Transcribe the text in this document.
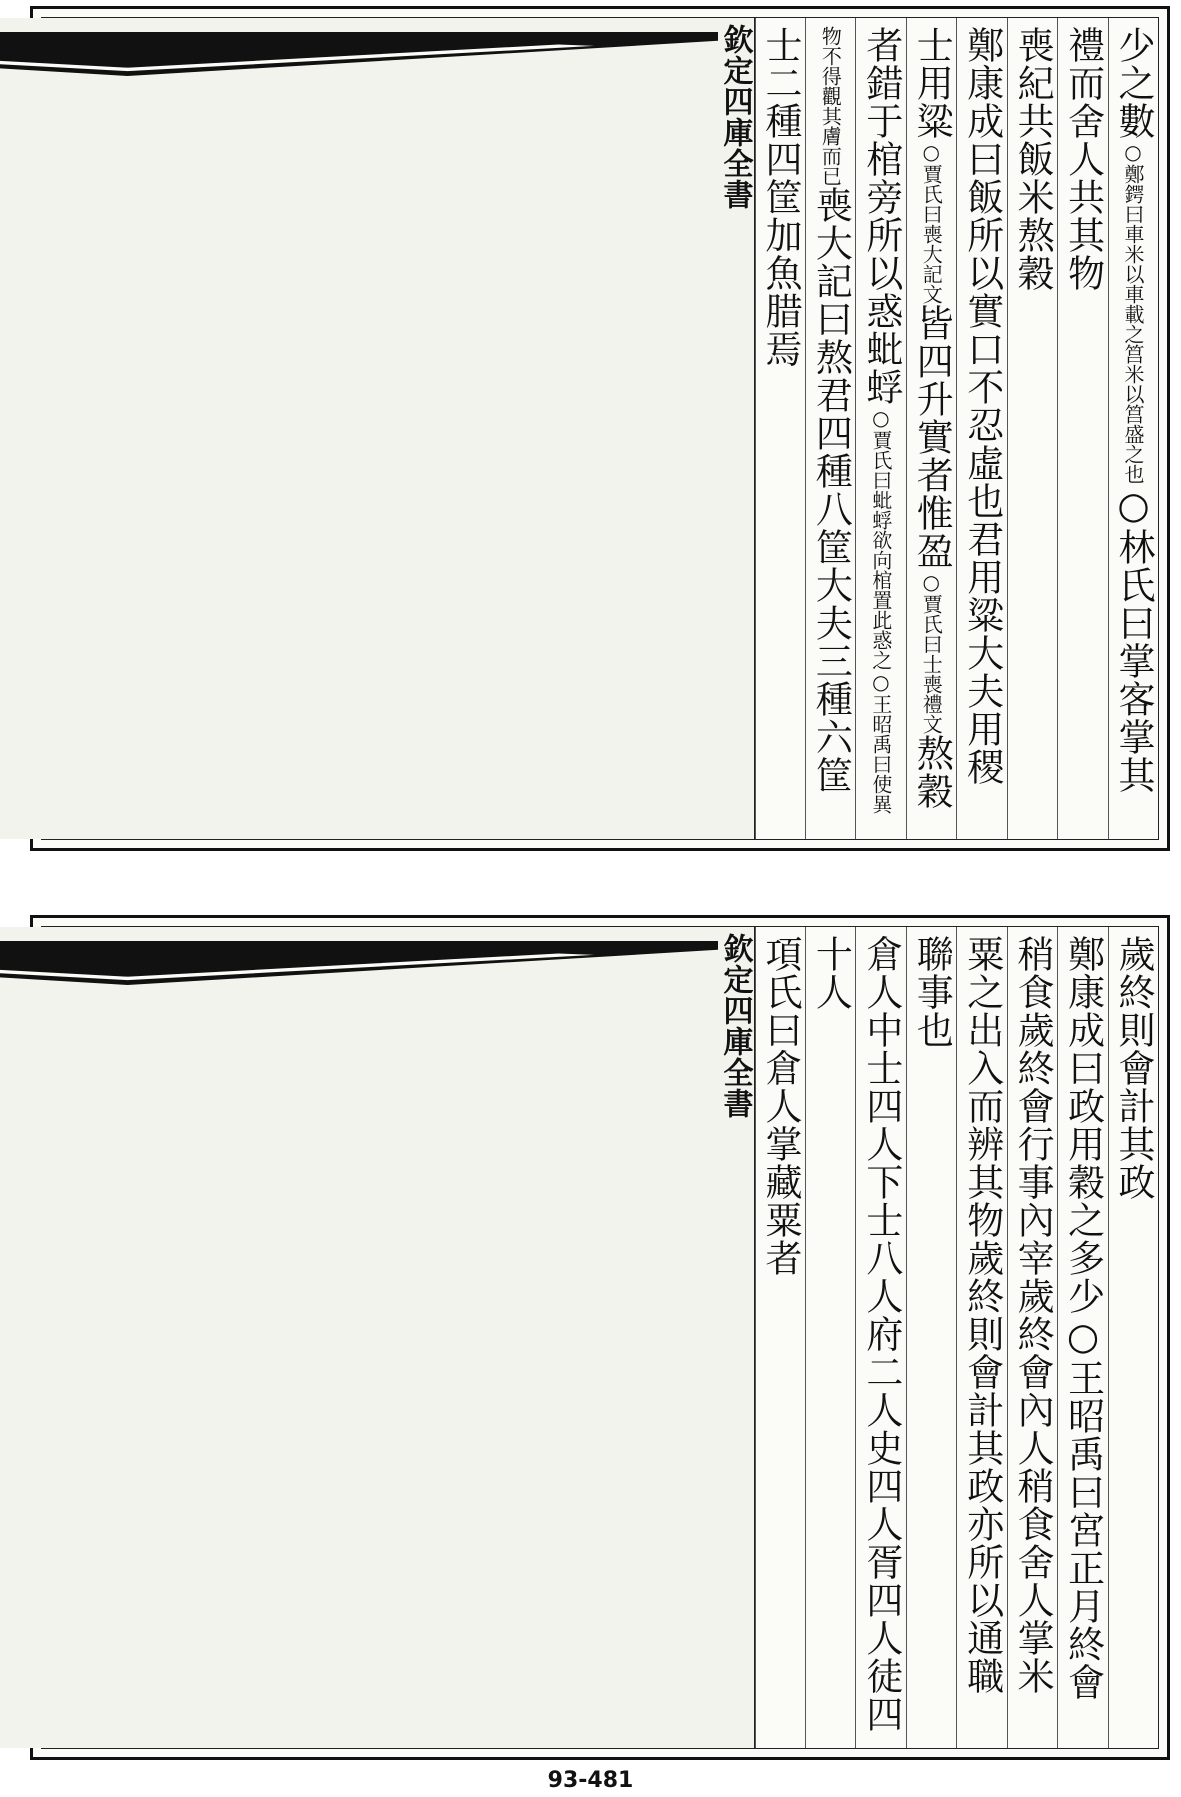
少之數○鄭鍔曰車米以車載之筥米以筥盛之也○林氏曰掌客掌其
禮而舍人共其物
喪紀共飯米熬穀
鄭康成曰飯所以實口不忍虛也君用粱大夫用稷
士用粱○賈氏曰喪大記文皆四升實者惟盈○賈氏曰士喪禮文熬穀
者錯于棺旁所以惑蚍蜉○賈氏曰蚍蜉欲向棺置此惑之○王昭禹曰使異
物不得觀其膚而已喪大記曰熬君四種八筐大夫三種六筐
士二種四筐加魚腊焉
欽定四庫全書
歲終則會計其政
鄭康成曰政用穀之多少○王昭禹曰宮正月終會
稍食歲終會行事內宰歲終會內人稍食舍人掌米
粟之出入而辨其物歲終則會計其政亦所以通職
聯事也
倉人中士四人下士八人府二人史四人胥四人徒四
十人
項氏曰倉人掌藏粟者
欽定四庫全書
93-481
